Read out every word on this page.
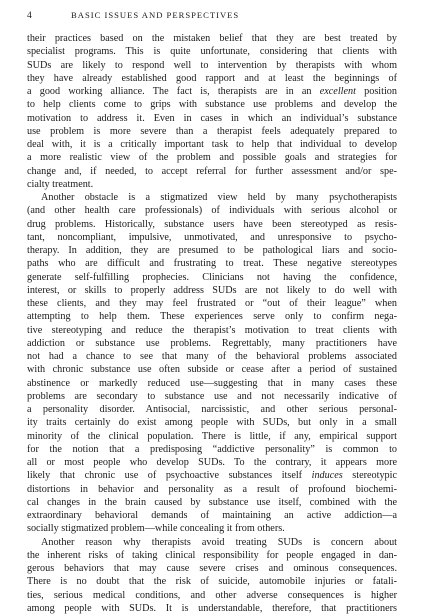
4	BASIC ISSUES AND PERSPECTIVES

their practices based on the mistaken belief that they are best treated by
specialist programs. This is quite unfortunate, considering that clients with
SUDs are likely to respond well to intervention by therapists with whom
they have already established good rapport and at least the beginnings of
a good working alliance. The fact is, therapists are in an excellent position
to help clients come to grips with substance use problems and develop the
motivation to address it. Even in cases in which an individual’s substance
use problem is more severe than a therapist feels adequately prepared to
deal with, it is a critically important task to help that individual to develop
a more realistic view of the problem and possible goals and strategies for
change and, if needed, to accept referral for further assessment and/or spe-
cialty treatment.

Another obstacle is a stigmatized view held by many psychotherapists
(and other health care professionals) of individuals with serious alcohol or
drug problems. Historically, substance users have been stereotyped as resis-
tant, noncompliant, impulsive, unmotivated, and unresponsive to psycho-
therapy. In addition, they are presumed to be pathological liars and socio-
paths who are difficult and frustrating to treat. These negative stereotypes
generate self-fulfilling prophecies. Clinicians not having the confidence,
interest, or skills to properly address SUDs are not likely to do well with
these clients, and they may feel frustrated or “out of their league” when
attempting to help them. These experiences serve only to confirm nega-
tive stereotyping and reduce the therapist’s motivation to treat clients with
addiction or substance use problems. Regrettably, many practitioners have
not had a chance to see that many of the behavioral problems associated
with chronic substance use often subside or cease after a period of sustained
abstinence or markedly reduced use—suggesting that in many cases these
problems are secondary to substance use and not necessarily indicative of
a personality disorder. Antisocial, narcissistic, and other serious personal-
ity traits certainly do exist among people with SUDs, but only in a small
minority of the clinical population. There is little, if any, empirical support
for the notion that a predisposing “addictive personality” is common to
all or most people who develop SUDs. To the contrary, it appears more
likely that chronic use of psychoactive substances itself induces stereotypic
distortions in behavior and personality as a result of profound biochemi-
cal changes in the brain caused by substance use itself, combined with the
extraordinary behavioral demands of maintaining an active addiction—a
socially stigmatized problem—while concealing it from others.

Another reason why therapists avoid treating SUDs is concern about
the inherent risks of taking clinical responsibility for people engaged in dan-
gerous behaviors that may cause severe crises and ominous consequences.
There is no doubt that the risk of suicide, automobile injuries or fatali-
ties, serious medical conditions, and other adverse consequences is higher
among people with SUDs. It is understandable, therefore, that practitioners
